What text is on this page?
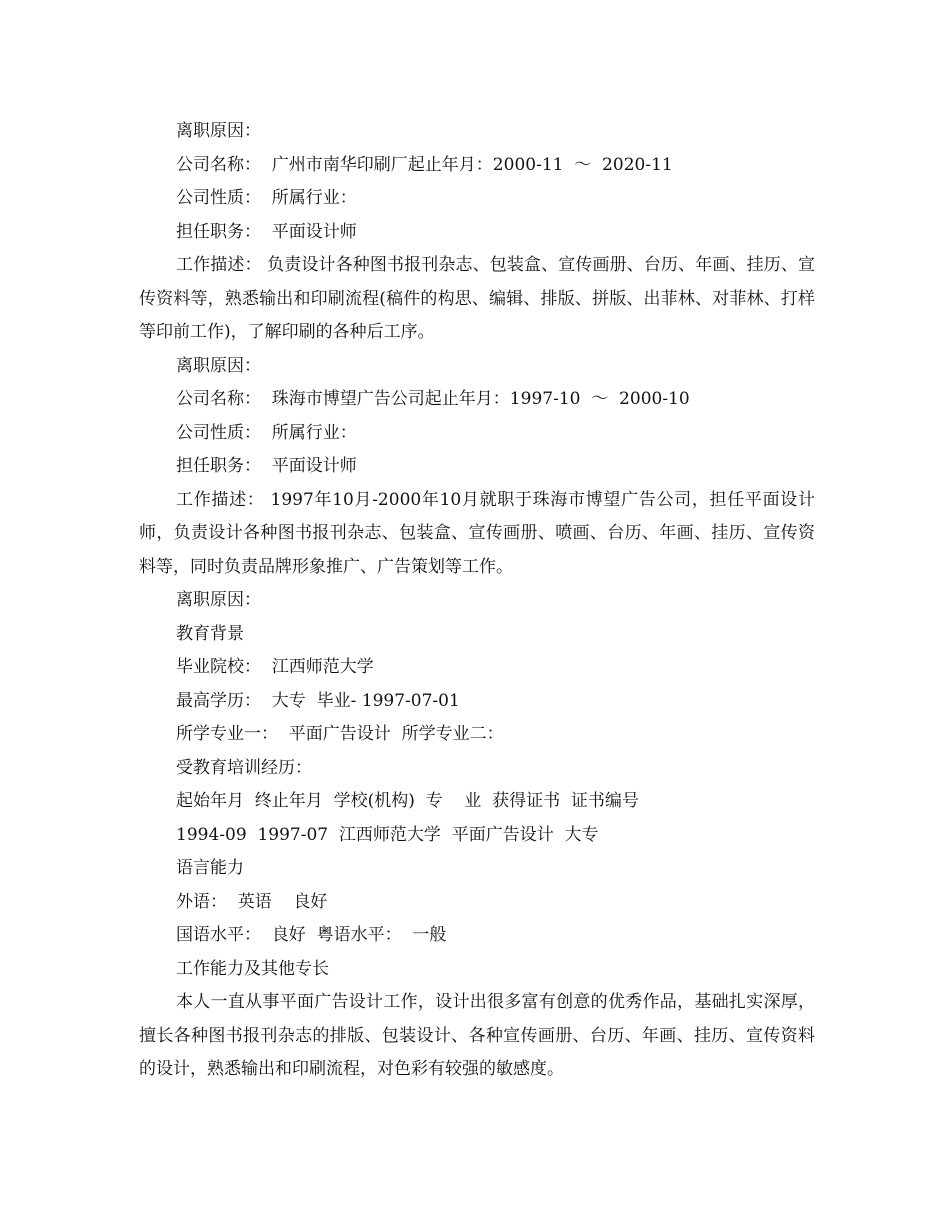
离职原因：
公司名称：  广州市南华印刷厂起止年月：2000-11  ～  2020-11
公司性质：  所属行业：
担任职务：  平面设计师

工作描述： 负责设计各种图书报刊杂志、包装盒、宣传画册、台历、年画、挂历、宣传资料等，熟悉输出和印刷流程(稿件的构思、编辑、排版、拼版、出菲林、对菲林、打样等印前工作)，了解印刷的各种后工序。

离职原因：
公司名称：  珠海市博望广告公司起止年月：1997-10  ～  2000-10
公司性质：  所属行业：
担任职务：  平面设计师

工作描述： 1997年10月-2000年10月就职于珠海市博望广告公司，担任平面设计师，负责设计各种图书报刊杂志、包装盒、宣传画册、喷画、台历、年画、挂历、宣传资料等，同时负责品牌形象推广、广告策划等工作。

离职原因：
教育背景
毕业院校：  江西师范大学
最高学历：  大专  毕业- 1997-07-01
所学专业一：  平面广告设计  所学专业二：
受教育培训经历：
起始年月  终止年月  学校(机构)  专    业  获得证书  证书编号
1994-09  1997-07  江西师范大学  平面广告设计  大专
语言能力
外语：  英语    良好
国语水平：  良好  粤语水平：  一般
工作能力及其他专长

本人一直从事平面广告设计工作，设计出很多富有创意的优秀作品，基础扎实深厚，擅长各种图书报刊杂志的排版、包装设计、各种宣传画册、台历、年画、挂历、宣传资料的设计，熟悉输出和印刷流程，对色彩有较强的敏感度。
